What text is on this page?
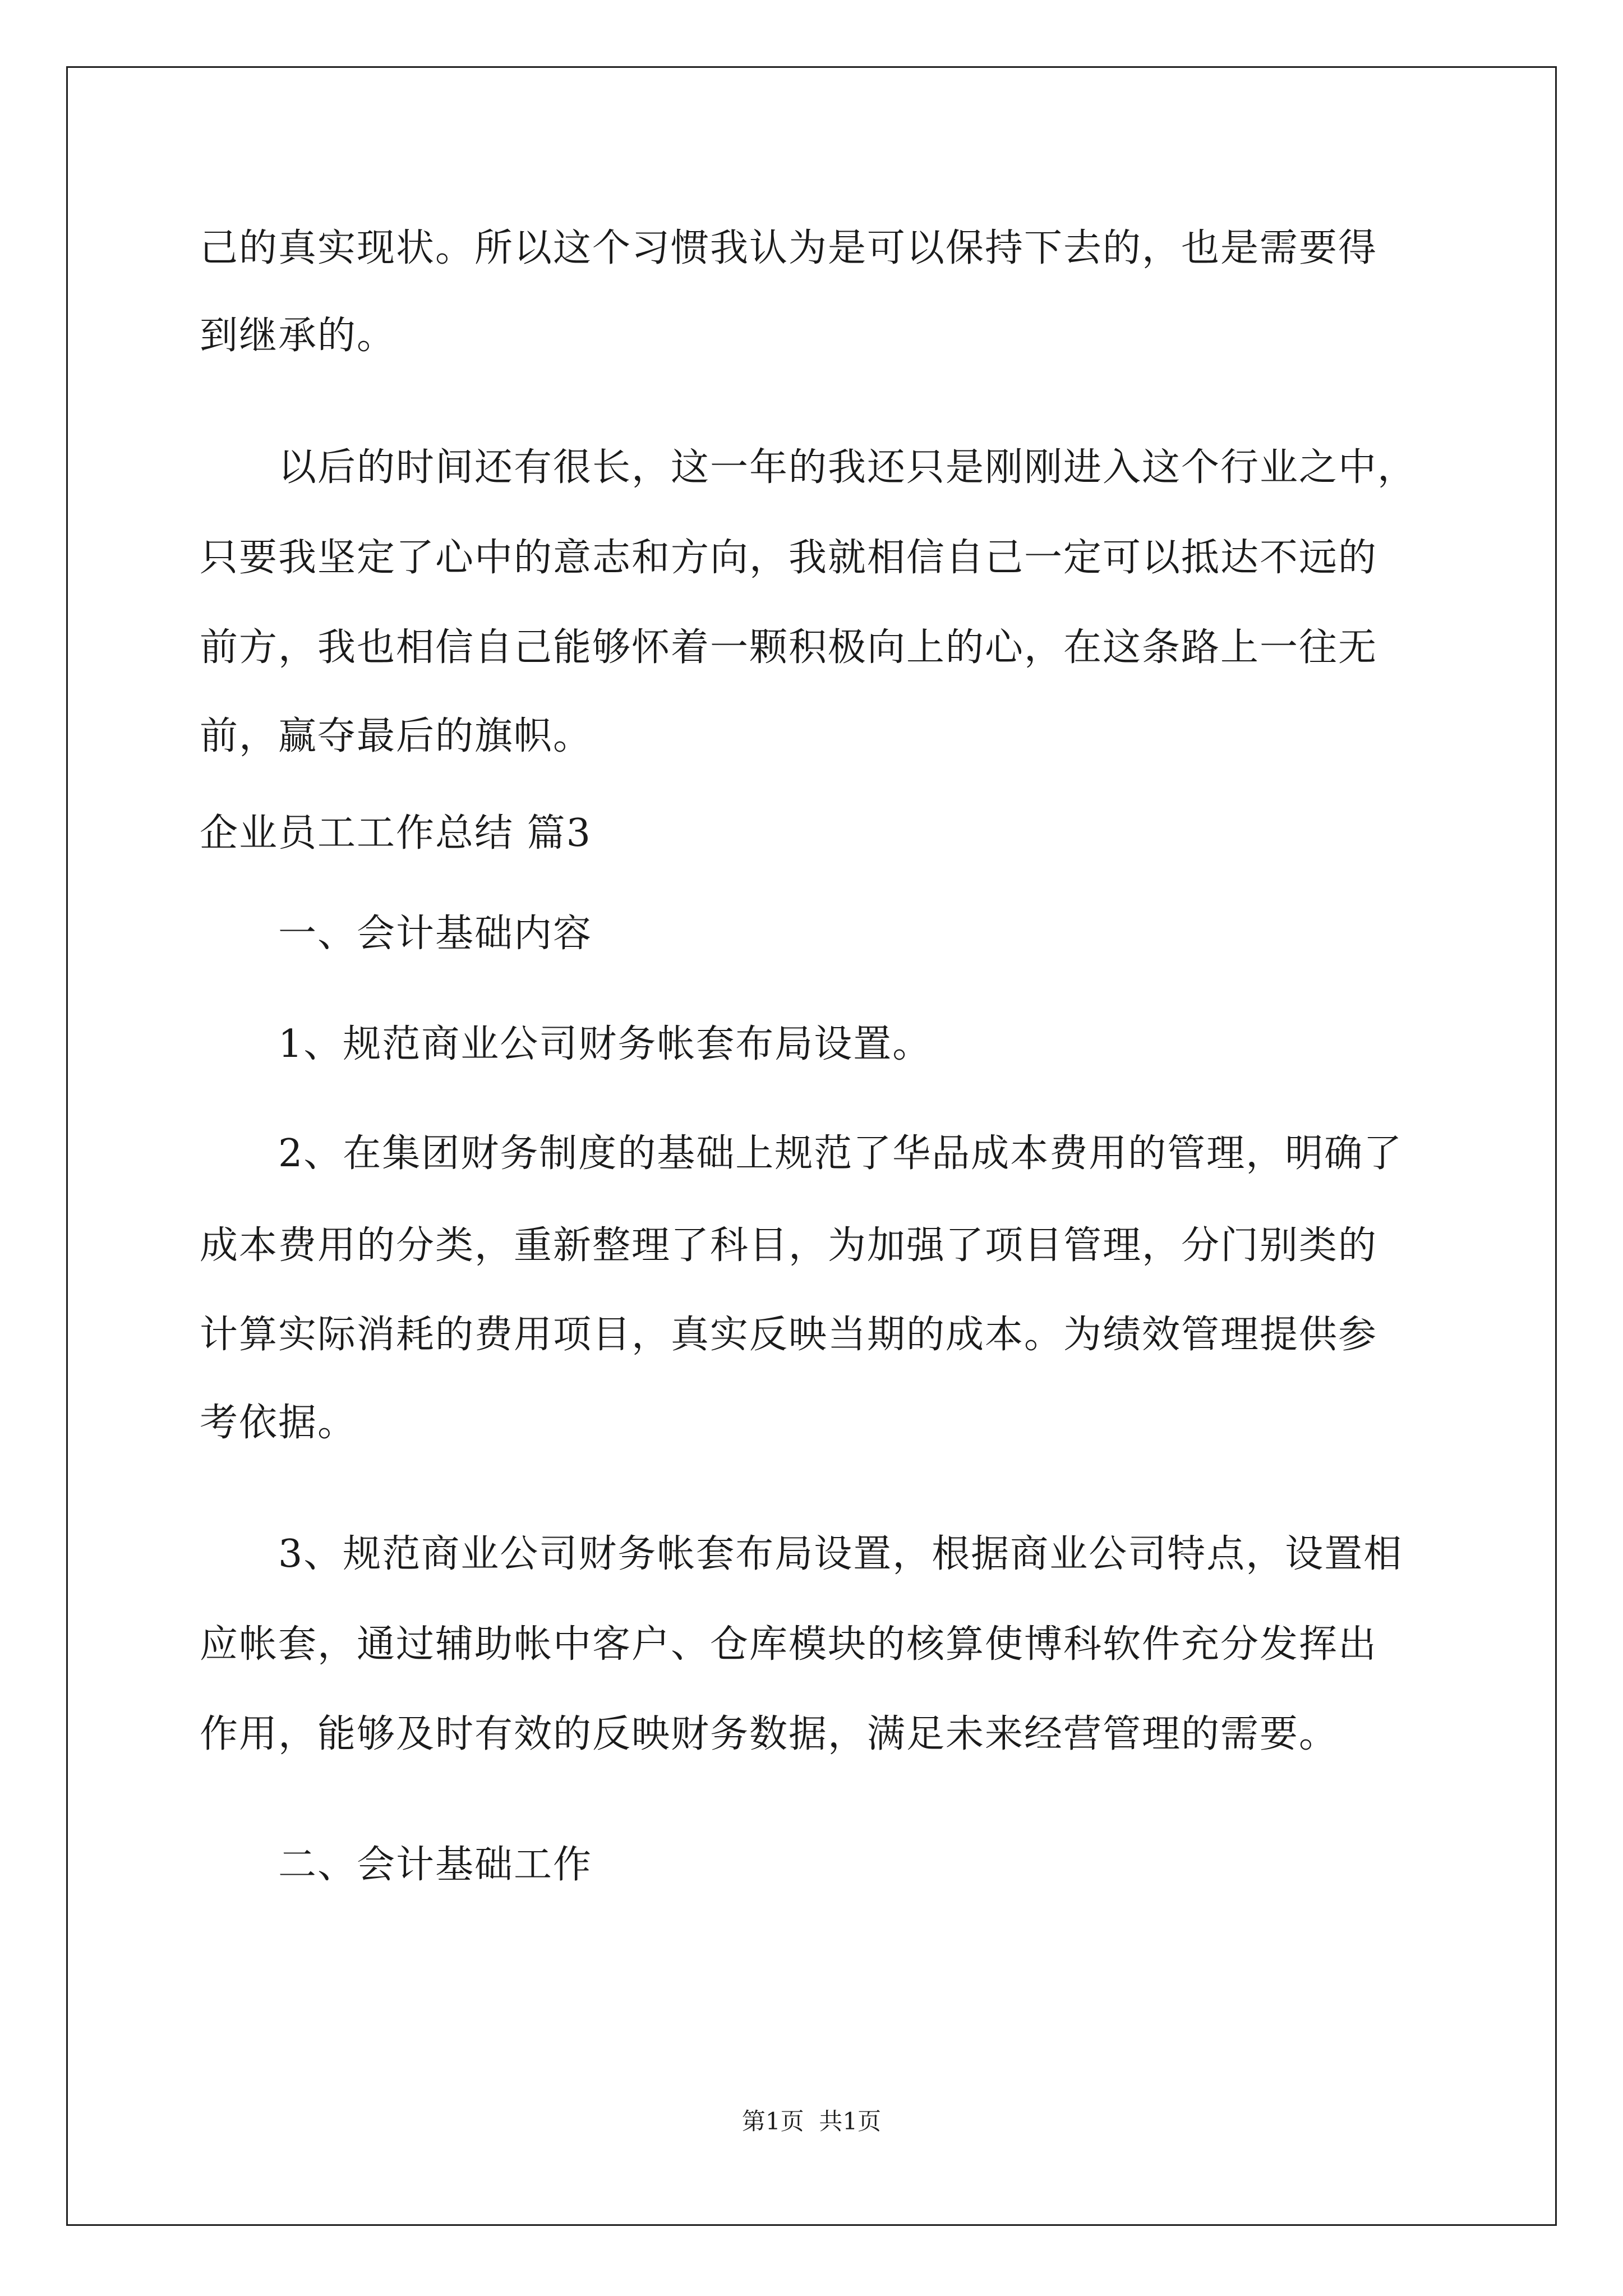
己的真实现状。所以这个习惯我认为是可以保持下去的，也是需要得
到继承的。
　　以后的时间还有很长，这一年的我还只是刚刚进入这个行业之中，
只要我坚定了心中的意志和方向，我就相信自己一定可以抵达不远的
前方，我也相信自己能够怀着一颗积极向上的心，在这条路上一往无
前，赢夺最后的旗帜。
企业员工工作总结 篇3
　　一、会计基础内容
　　1、规范商业公司财务帐套布局设置。
　　2、在集团财务制度的基础上规范了华品成本费用的管理，明确了
成本费用的分类，重新整理了科目，为加强了项目管理，分门别类的
计算实际消耗的费用项目，真实反映当期的成本。为绩效管理提供参
考依据。
　　3、规范商业公司财务帐套布局设置，根据商业公司特点，设置相
应帐套，通过辅助帐中客户、仓库模块的核算使博科软件充分发挥出
作用，能够及时有效的反映财务数据，满足未来经营管理的需要。
　　二、会计基础工作
第1页  共1页
